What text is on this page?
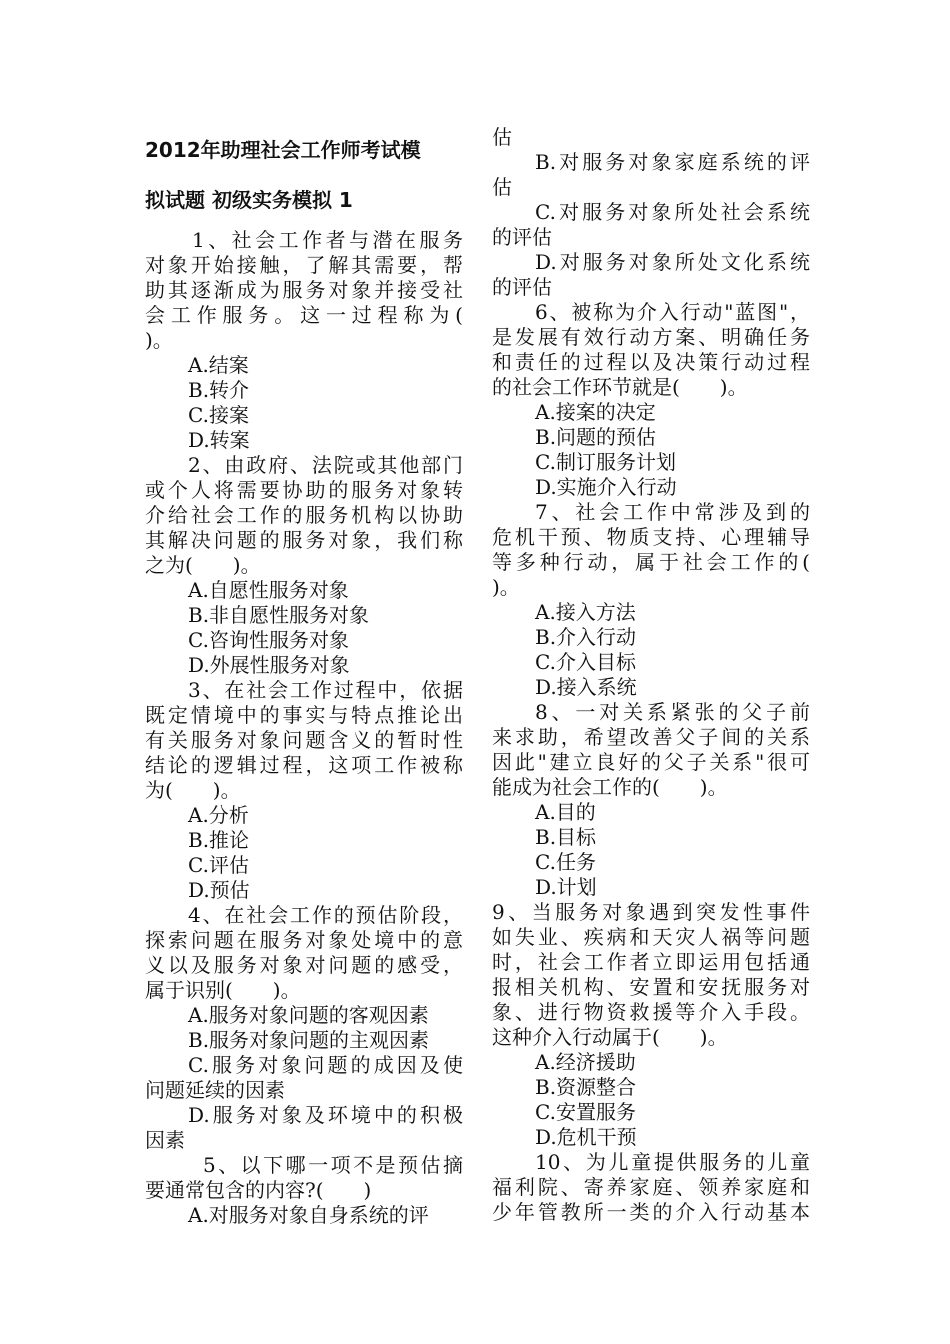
2012年助理社会工作师考试模
拟试题 初级实务模拟 1
1、社会工作者与潜在服务
对象开始接触，了解其需要，帮
助其逐渐成为服务对象并接受社
会工作服务。这一过程称为(
)。
A.结案
B.转介
C.接案
D.转案
2、由政府、法院或其他部门
或个人将需要协助的服务对象转
介给社会工作的服务机构以协助
其解决问题的服务对象，我们称
之为(　　)。
A.自愿性服务对象
B.非自愿性服务对象
C.咨询性服务对象
D.外展性服务对象
3、在社会工作过程中，依据
既定情境中的事实与特点推论出
有关服务对象问题含义的暂时性
结论的逻辑过程，这项工作被称
为(　　)。
A.分析
B.推论
C.评估
D.预估
4、在社会工作的预估阶段，
探索问题在服务对象处境中的意
义以及服务对象对问题的感受，
属于识别(　　)。
A.服务对象问题的客观因素
B.服务对象问题的主观因素
C.服务对象问题的成因及使
问题延续的因素
D.服务对象及环境中的积极
因素
5、以下哪一项不是预估摘
要通常包含的内容?(　　)
A.对服务对象自身系统的评
估
B.对服务对象家庭系统的评
估
C.对服务对象所处社会系统
的评估
D.对服务对象所处文化系统
的评估
6、被称为介入行动"蓝图"，
是发展有效行动方案、明确任务
和责任的过程以及决策行动过程
的社会工作环节就是(　　)。
A.接案的决定
B.问题的预估
C.制订服务计划
D.实施介入行动
7、社会工作中常涉及到的
危机干预、物质支持、心理辅导
等多种行动，属于社会工作的(
)。
A.接入方法
B.介入行动
C.介入目标
D.接入系统
8、一对关系紧张的父子前
来求助，希望改善父子间的关系
因此"建立良好的父子关系"很可
能成为社会工作的(　　)。
A.目的
B.目标
C.任务
D.计划
9、当服务对象遇到突发性事件
如失业、疾病和天灾人祸等问题
时，社会工作者立即运用包括通
报相关机构、安置和安抚服务对
象、进行物资救援等介入手段。
这种介入行动属于(　　)。
A.经济援助
B.资源整合
C.安置服务
D.危机干预
10、为儿童提供服务的儿童
福利院、寄养家庭、领养家庭和
少年管教所一类的介入行动基本
